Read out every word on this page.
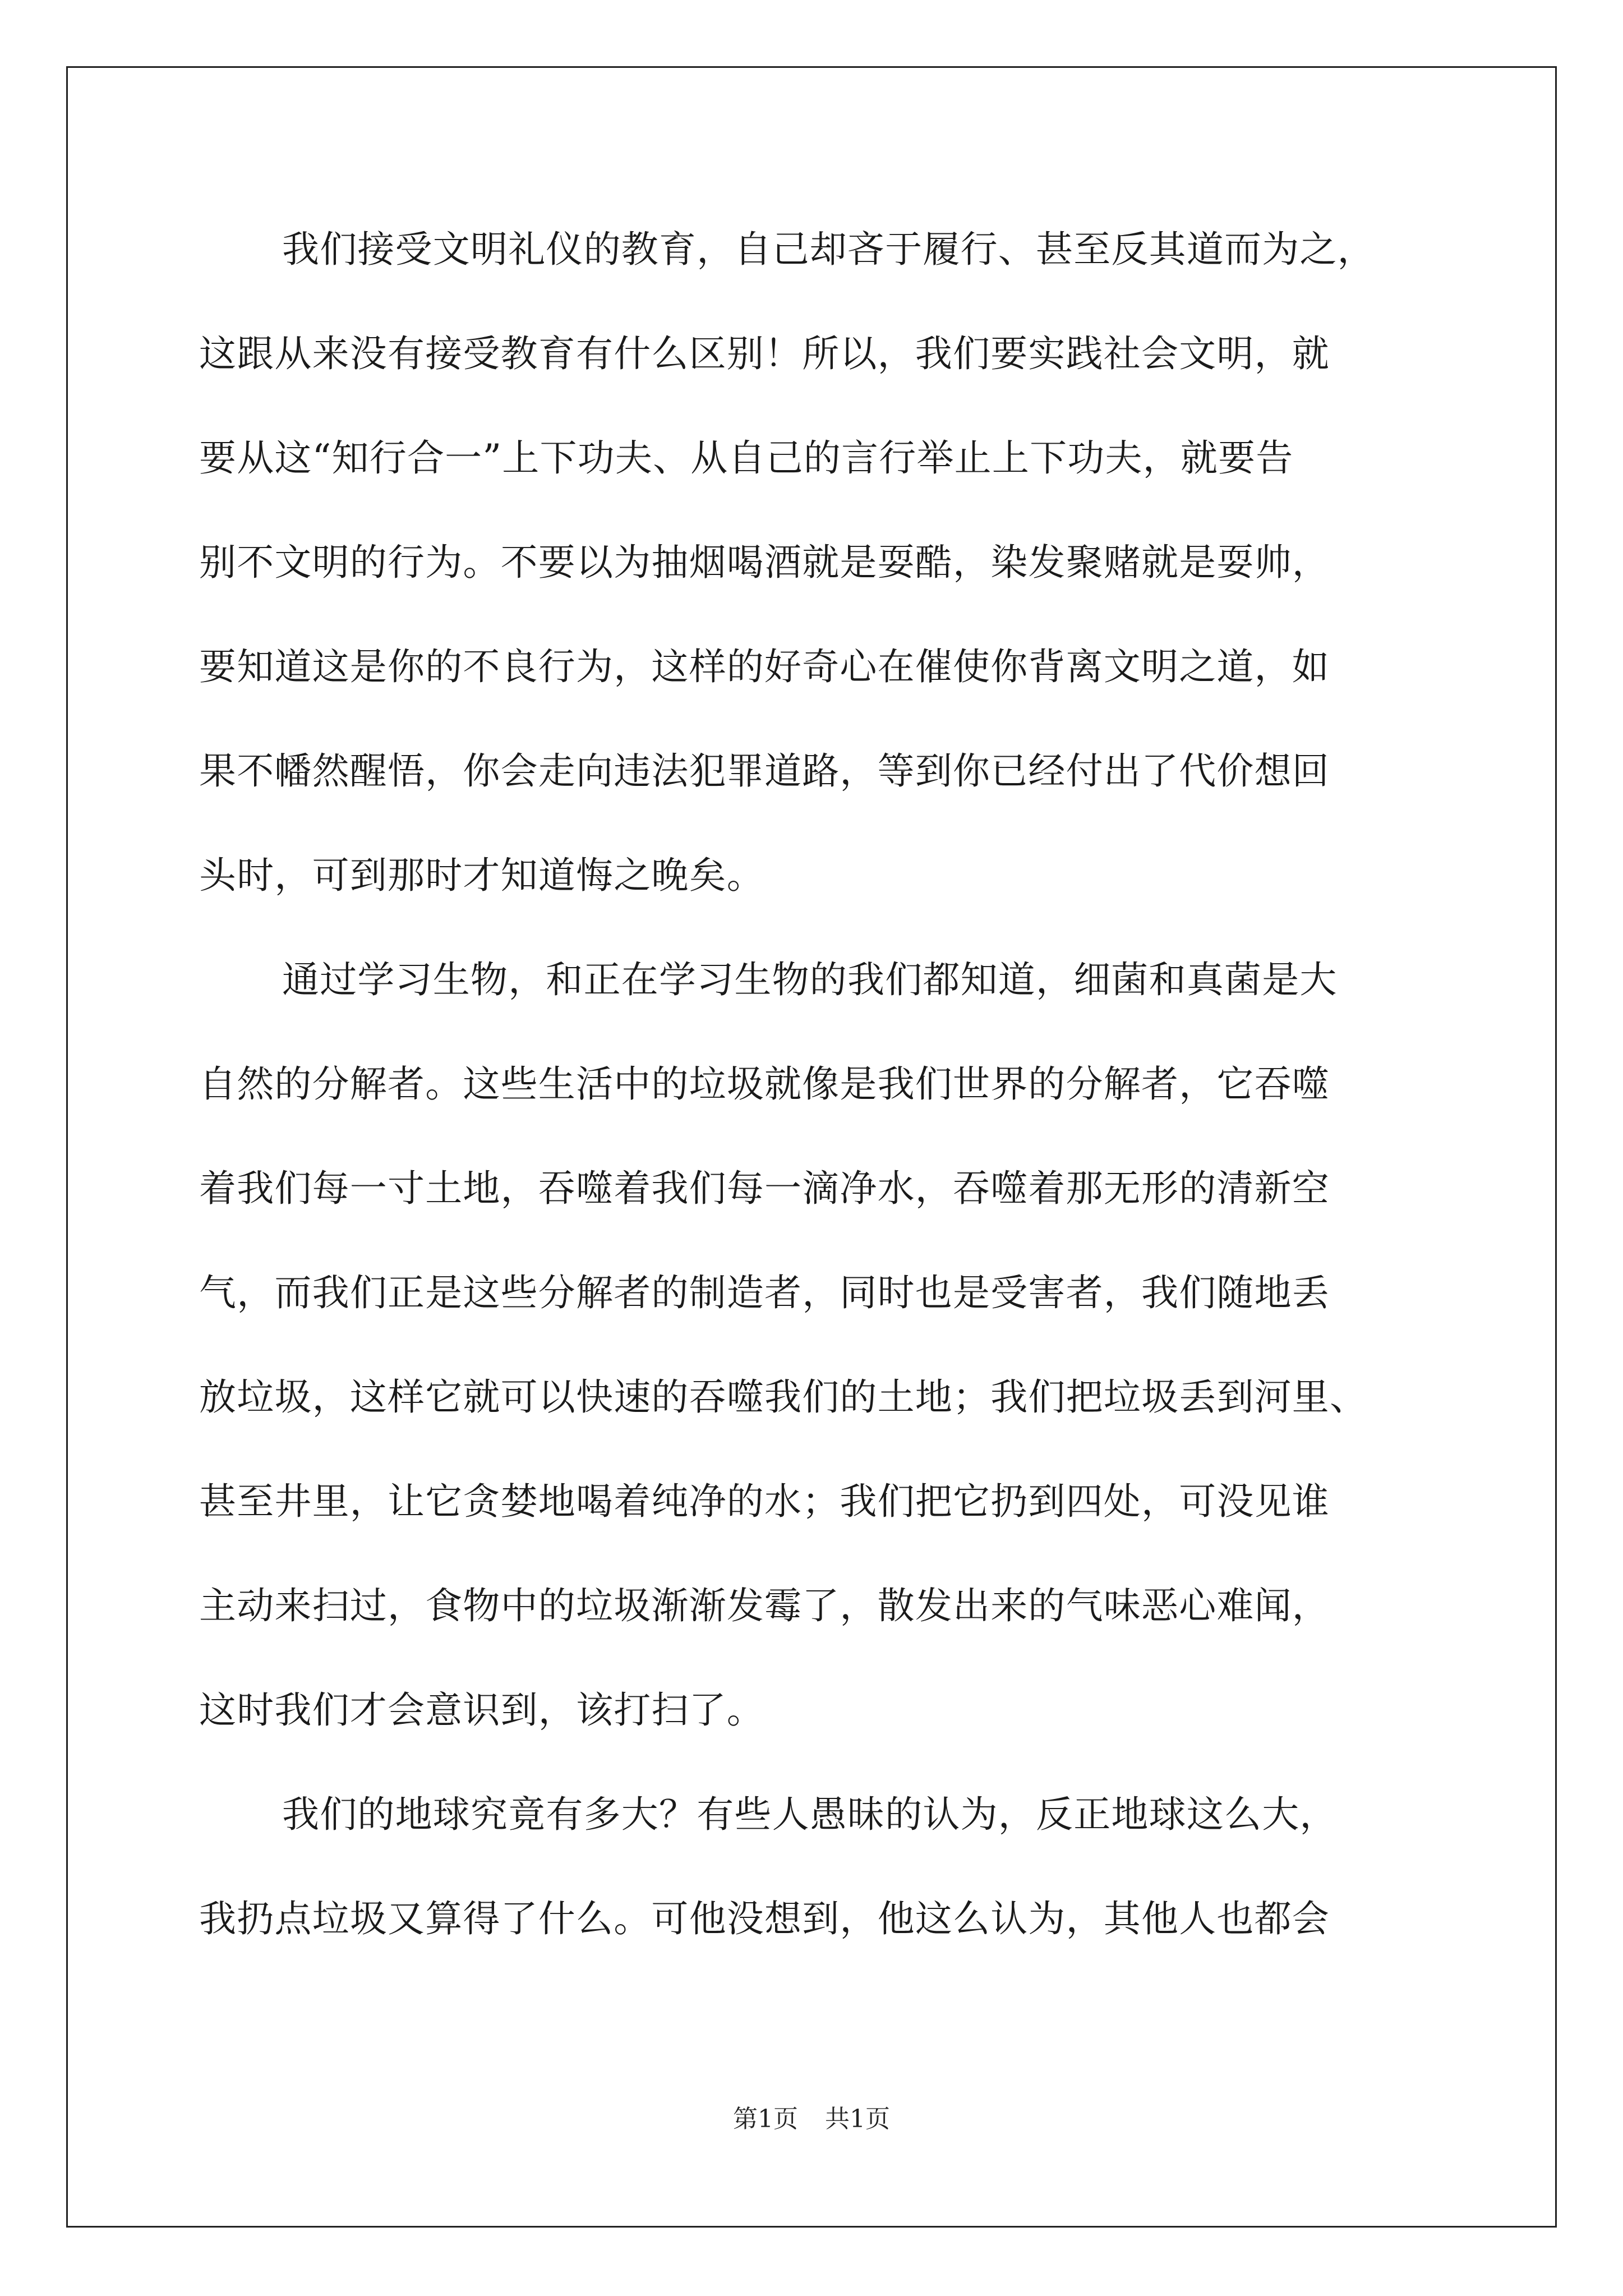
我们接受文明礼仪的教育，自己却吝于履行、甚至反其道而为之，
这跟从来没有接受教育有什么区别！所以，我们要实践社会文明，就
要从这“知行合一”上下功夫、从自己的言行举止上下功夫，就要告
别不文明的行为。不要以为抽烟喝酒就是耍酷，染发聚赌就是耍帅，
要知道这是你的不良行为，这样的好奇心在催使你背离文明之道，如
果不幡然醒悟，你会走向违法犯罪道路，等到你已经付出了代价想回
头时，可到那时才知道悔之晚矣。

通过学习生物，和正在学习生物的我们都知道，细菌和真菌是大
自然的分解者。这些生活中的垃圾就像是我们世界的分解者，它吞噬
着我们每一寸土地，吞噬着我们每一滴净水，吞噬着那无形的清新空
气，而我们正是这些分解者的制造者，同时也是受害者，我们随地丢
放垃圾，这样它就可以快速的吞噬我们的土地；我们把垃圾丢到河里、
甚至井里，让它贪婪地喝着纯净的水；我们把它扔到四处，可没见谁
主动来扫过，食物中的垃圾渐渐发霉了，散发出来的气味恶心难闻，
这时我们才会意识到，该打扫了。

我们的地球究竟有多大？有些人愚昧的认为，反正地球这么大，
我扔点垃圾又算得了什么。可他没想到，他这么认为，其他人也都会

第1页 共1页
